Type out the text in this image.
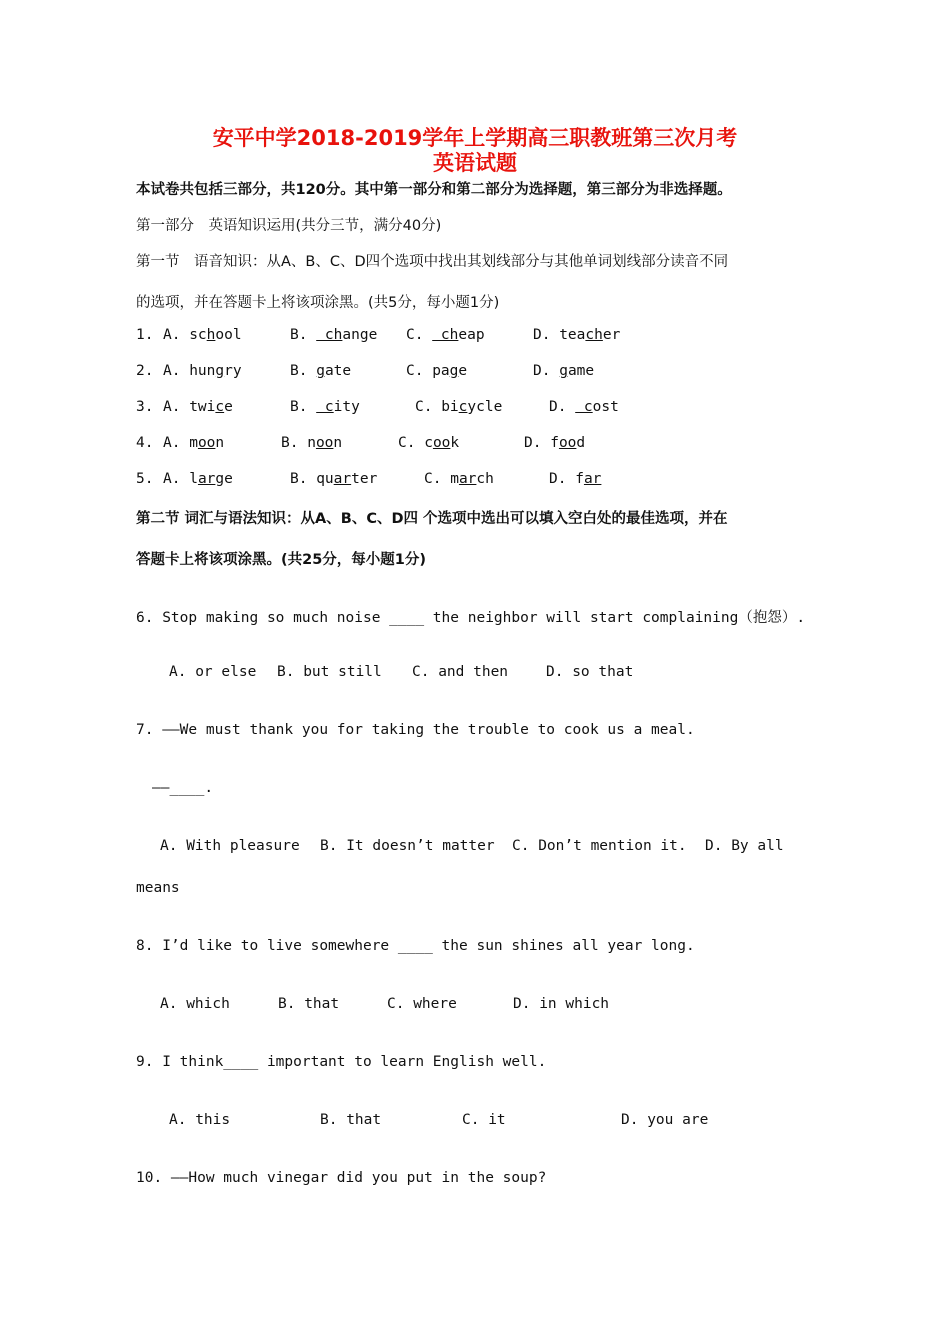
安平中学2018-2019学年上学期高三职教班第三次月考
英语试题
本试卷共包括三部分，共120分。其中第一部分和第二部分为选择题，第三部分为非选择题。
第一部分　英语知识运用(共分三节，满分40分)
第一节　语音知识：从A、B、C、D四个选项中找出其划线部分与其他单词划线部分读音不同
的选项，并在答题卡上将该项涂黑。(共5分，每小题1分)
1. A. school	B.  change C.  cheap	D. teacher
2. A. hungry	B. gate	C. page	D. game
3. A. twice	B.  city	C. bicycle	D.  cost
4. A. moon	B. noon	C. cook	D. food
5. A. large	B. quarter	C. march	D. far
第二节 词汇与语法知识：从A、B、C、D四 个选项中选出可以填入空白处的最佳选项，并在
答题卡上将该项涂黑。(共25分，每小题1分)
6. Stop making so much noise ____ the neighbor will start complaining（抱怨）.
A. or else B. but still C. and then	D. so that
7. ——We must thank you for taking the trouble to cook us a meal.
——____.
A. With pleasure B. It doesn’t matter C. Don’t mention it. D. By all
means
8. I’d like to live somewhere ____ the sun shines all year long.
A. which	B. that	C. where	D. in which
9. I think____ important to learn English well.
A. this	B. that	C. it	D. you are
10. ——How much vinegar did you put in the soup?
